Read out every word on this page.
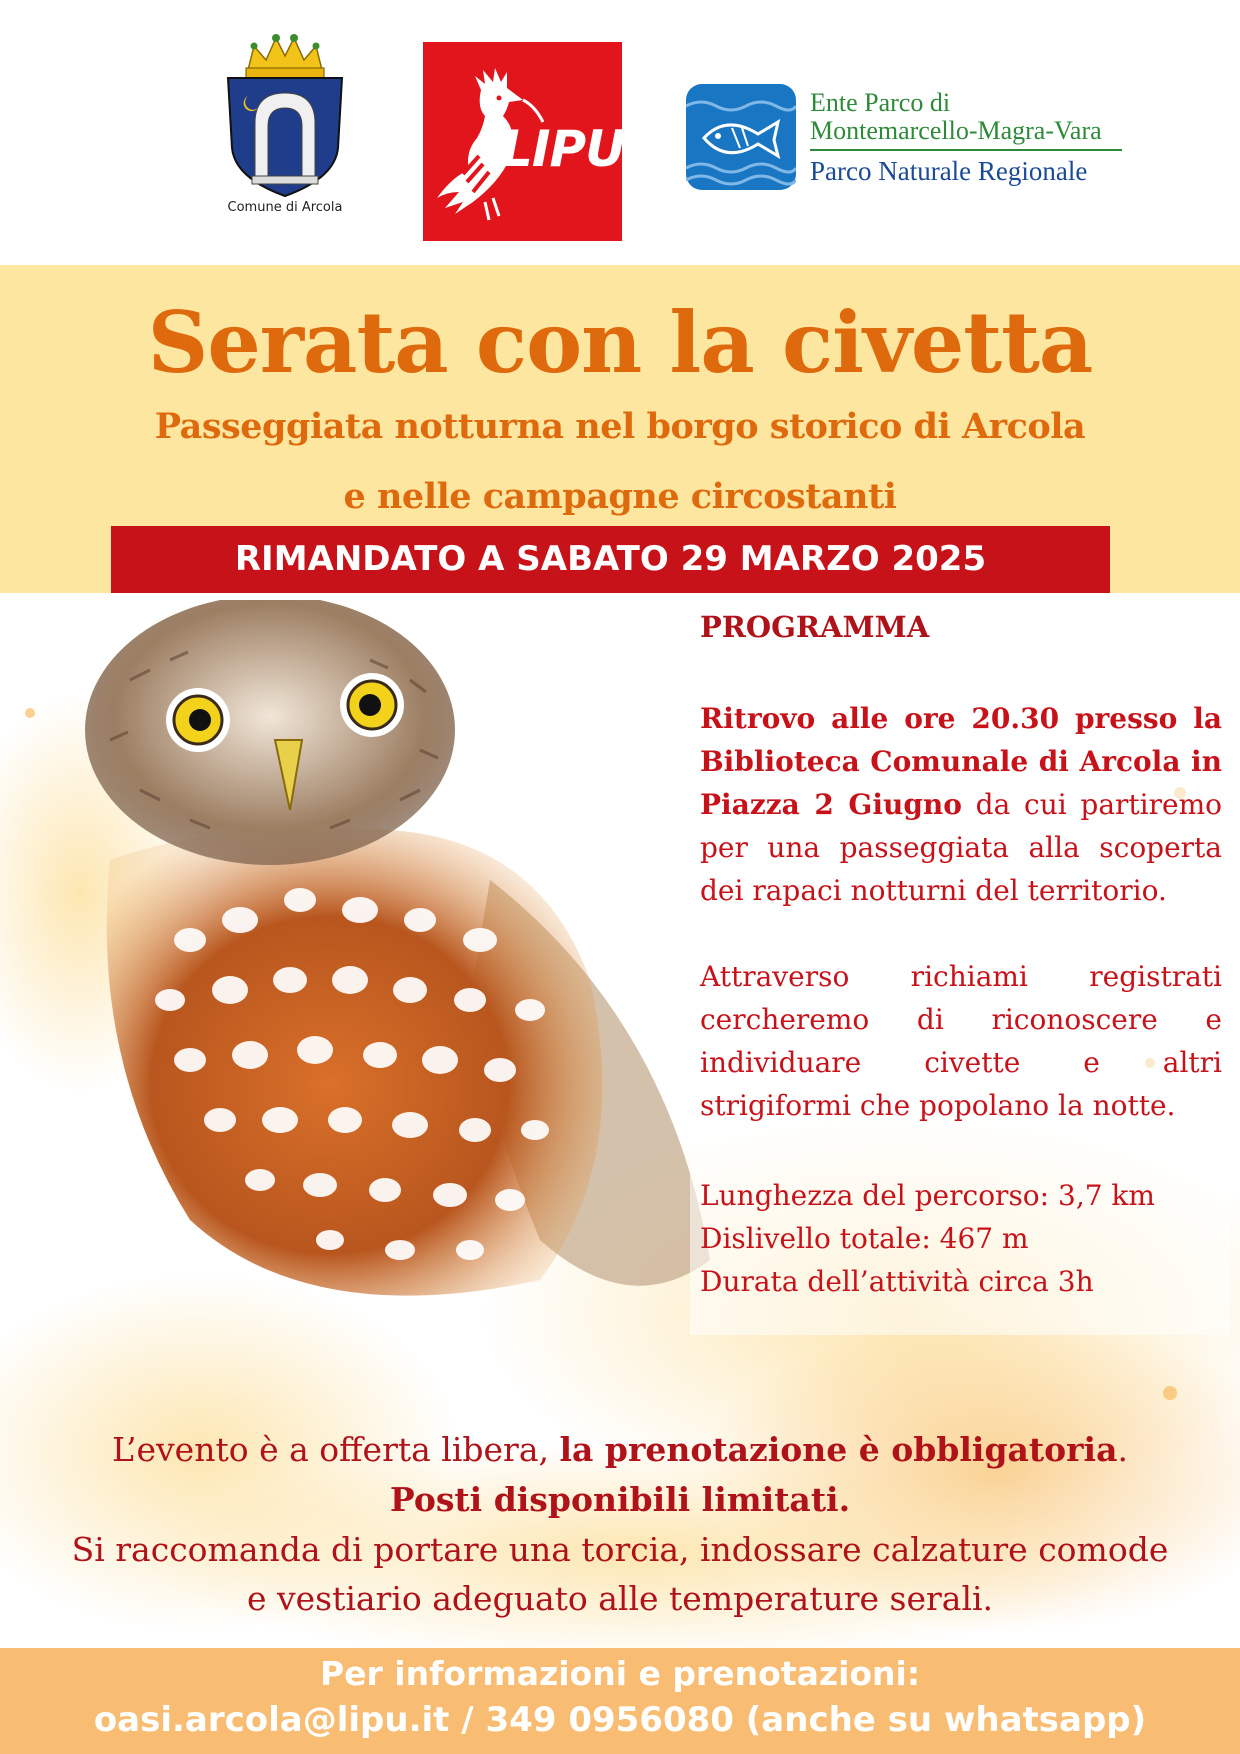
Comune di Arcola
LIPU
Ente Parco di
Montemarcello-Magra-Vara
Parco Naturale Regionale
Serata con la civetta
Passeggiata notturna nel borgo storico di Arcola
e nelle campagne circostanti
RIMANDATO A SABATO 29 MARZO 2025
PROGRAMMA
Ritrovo alle ore 20.30 presso la
Biblioteca Comunale di Arcola in
Piazza 2 Giugno da cui partiremo
per una passeggiata alla scoperta
dei rapaci notturni del territorio.
Attraverso richiami registrati
cercheremo di riconoscere e
individuare civette e altri
strigiformi che popolano la notte.
Lunghezza del percorso: 3,7 km
Dislivello totale: 467 m
Durata dell’attività circa 3h
L’evento è a offerta libera, la prenotazione è obbligatoria.
Posti disponibili limitati.
Si raccomanda di portare una torcia, indossare calzature comode
e vestiario adeguato alle temperature serali.
Per informazioni e prenotazioni:
oasi.arcola@lipu.it / 349 0956080 (anche su whatsapp)
